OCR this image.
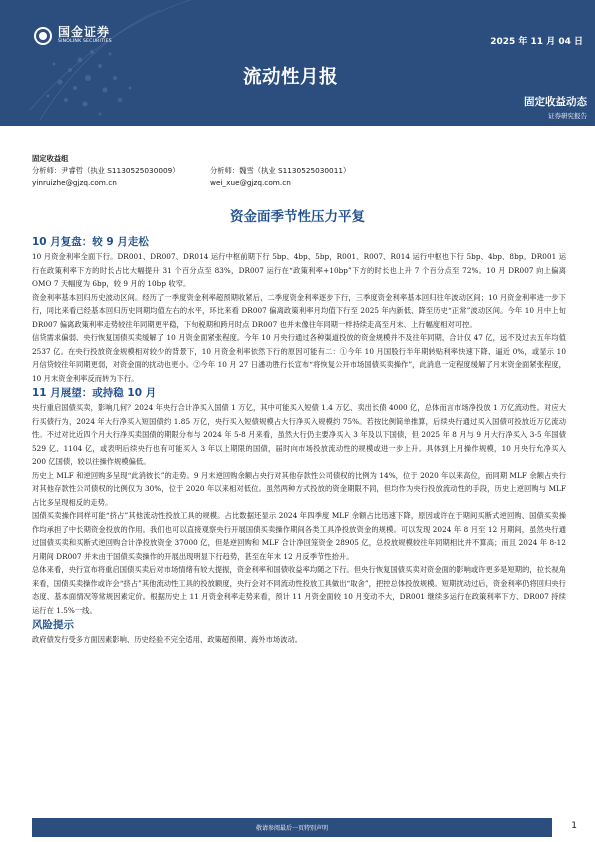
国金证券
SINOLINK SECURITIES	2025 年 11 月 04 日
流动性月报
固定收益动态
证券研究报告
固定收益组
分析师：尹睿哲（执业 S1130525030009）	分析师：魏雪（执业 S1130525030011）
yinruizhe@gjzq.com.cn	wei_xue@gjzq.com.cn
资金面季节性压力平复
10 月复盘：较 9 月走松

10 月资金利率全面下行。DR001、DR007、DR014 运行中枢前期下行 5bp、4bp、5bp，R001、R007、R014 运行中枢也下行 5bp、4bp、8bp。DR001 运行在政策利率下方的时长占比大幅提升 31 个百分点至 83%，DR007 运行在“政策利率+10bp”下方的时长也上升 7 个百分点至 72%。10 月 DR007 向上偏离 OMO 7 天幅度为 6bp，较 9 月的 10bp 收窄。

资金利率基本回归历史波动区间。经历了一季度资金利率超预期收紧后，二季度资金利率逐步下行，三季度资金利率基本回归往年波动区间；10 月资金利率进一步下行，同比来看已经基本回归历史同期均值左右的水平，环比来看 DR007 偏离政策利率月均值下行至 2025 年内新低、降至历史“正常”波动区间。今年 10 月中上旬 DR007 偏离政策利率走势较往年同期更平稳，下旬税期和跨月时点 DR007 也并未像往年同期一样持续走高至月末、上行幅度相对可控。

信贷需求偏弱、央行恢复国债买卖缓解了 10 月资金面紧张程度。今年 10 月央行通过各种渠道投放的资金规模并不及往年同期，合计仅 47 亿，远不及过去五年均值 2537 亿。在央行投放资金规模相对较少的背景下，10 月资金利率依然下行的原因可能有二：①今年 10 月国股行半年期转贴利率快速下降、逼近 0%，或显示 10 月信贷较往年同期更弱，对资金面的扰动也更小。②今年 10 月 27 日潘功胜行长宣布“将恢复公开市场国债买卖操作”，此消息一定程度缓解了月末资金面紧张程度，10 月末资金利率反而转为下行。

11 月展望：或持稳 10 月

央行重启国债买卖，影响几何？2024 年央行合计净买入国债 1 万亿，其中可能买入短债 1.4 万亿、卖出长债 4000 亿，总体而言市场净投放 1 万亿流动性。对应大行买债行为，2024 年大行净买入短国债约 1.85 万亿，央行买入短债规模占大行净买入规模约 75%。若按比例简单推算，后续央行通过买入国债可投放近万亿流动性。不过对比近四个月大行净买卖国债的期限分布与 2024 年 5-8 月来看，虽然大行仍主要净买入 3 年及以下国债，但 2025 年 8 月与 9 月大行净买入 3-5 年国债 529 亿、1104 亿，或表明后续央行也有可能买入 3 年以上期限的国债，届时向市场投放流动性的规模或进一步上升。具体到上月操作规模，10 月央行允净买入 200 亿国债，较以往操作规模偏低。

历史上 MLF 和逆回购多呈现“此消彼长”的走势。9 月末逆回购余额占央行对其他存款性公司债权的比例为 14%，位于 2020 年以来高位，而同期 MLF 余额占央行对其他存款性公司债权的比例仅为 30%，位于 2020 年以来相对低位。虽然两种方式投放的资金期限不同，但均作为央行投放流动性的手段，历史上逆回购与 MLF 占比多呈现相反的走势。

国债买卖操作同样可能“挤占”其他流动性投放工具的规模。占比数据还显示 2024 年四季度 MLF 余额占比迅速下降，原因或许在于期间买断式逆回购、国债买卖操作均承担了中长期资金投放的作用。我们也可以直接观察央行开展国债买卖操作期间各类工具净投放资金的规模。可以发现 2024 年 8 月至 12 月期间，虽然央行通过国债买卖和买断式逆回购合计净投放资金 37000 亿，但是逆回购和 MLF 合计净回笼资金 28905 亿，总投放规模较往年同期相比并不算高；而且 2024 年 8-12 月期间 DR007 并未由于国债买卖操作的开展出现明显下行趋势，甚至在年末 12 月反季节性抬升。

总体来看，央行宣布将重启国债买卖后对市场情绪有较大提振，资金利率和国债收益率均随之下行。但央行恢复国债买卖对资金面的影响或许更多是短期的，拉长视角来看，国债买卖操作或许会“挤占”其他流动性工具的投放额度，央行会对不同流动性投放工具做出“取舍”，把控总体投放规模。短期扰动过后，资金利率仍将回归央行态度、基本面情况等常规因素定价。根据历史上 11 月资金利率走势来看，预计 11 月资金面较 10 月变动不大，DR001 继续多运行在政策利率下方、DR007 持续运行在 1.5%一线。

风险提示

政府债发行受多方面因素影响、历史经验不完全适用、政策超预期、海外市场波动。

敬请参阅最后一页特别声明	1
